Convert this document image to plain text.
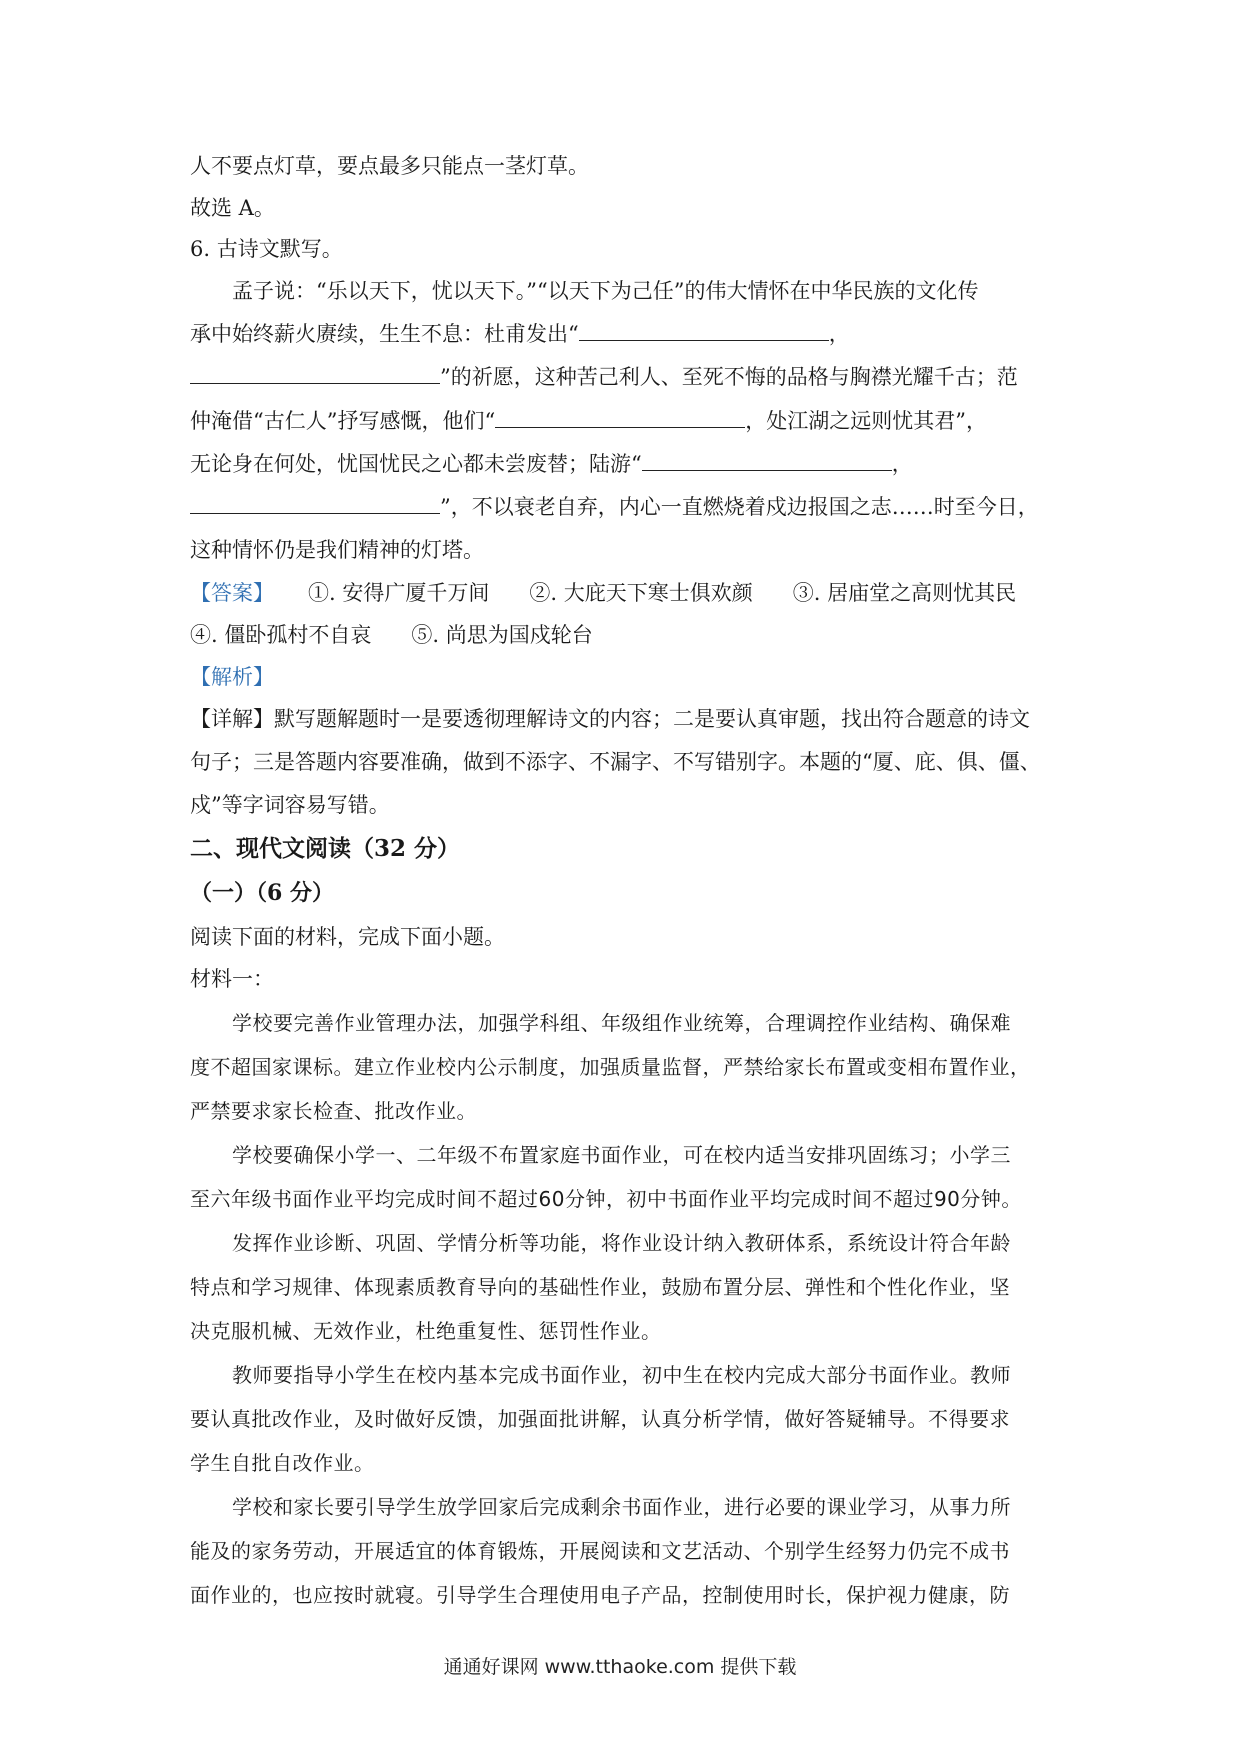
人不要点灯草，要点最多只能点一茎灯草。
故选 A。
6. 古诗文默写。
孟子说：“乐以天下，忧以天下。”“以天下为己任”的伟大情怀在中华民族的文化传
承中始终薪火赓续，生生不息：杜甫发出“	，
”的祈愿，这种苦己利人、至死不悔的品格与胸襟光耀千古；范
仲淹借“古仁人”抒写感慨，他们“	，处江湖之远则忧其君”，
无论身在何处，忧国忧民之心都未尝废替；陆游“	，
”，不以衰老自弃，内心一直燃烧着戍边报国之志……时至今日，
这种情怀仍是我们精神的灯塔。
【答案】 ①. 安得广厦千万间 ②. 大庇天下寒士俱欢颜 ③. 居庙堂之高则忧其民
④. 僵卧孤村不自哀 ⑤. 尚思为国戍轮台
【解析】
【详解】默写题解题时一是要透彻理解诗文的内容；二是要认真审题，找出符合题意的诗文
句子；三是答题内容要准确，做到不添字、不漏字、不写错别字。本题的“厦、庇、俱、僵、
戍”等字词容易写错。
二、现代文阅读（32 分）
（一）（6 分）
阅读下面的材料，完成下面小题。
材料一：
学校要完善作业管理办法，加强学科组、年级组作业统筹，合理调控作业结构、确保难
度不超国家课标。建立作业校内公示制度，加强质量监督，严禁给家长布置或变相布置作业，
严禁要求家长检查、批改作业。
学校要确保小学一、二年级不布置家庭书面作业，可在校内适当安排巩固练习；小学三
至六年级书面作业平均完成时间不超过60分钟，初中书面作业平均完成时间不超过90分钟。
发挥作业诊断、巩固、学情分析等功能，将作业设计纳入教研体系，系统设计符合年龄
特点和学习规律、体现素质教育导向的基础性作业，鼓励布置分层、弹性和个性化作业，坚
决克服机械、无效作业，杜绝重复性、惩罚性作业。
教师要指导小学生在校内基本完成书面作业，初中生在校内完成大部分书面作业。教师
要认真批改作业，及时做好反馈，加强面批讲解，认真分析学情，做好答疑辅导。不得要求
学生自批自改作业。
学校和家长要引导学生放学回家后完成剩余书面作业，进行必要的课业学习，从事力所
能及的家务劳动，开展适宜的体育锻炼，开展阅读和文艺活动、个别学生经努力仍完不成书
面作业的，也应按时就寝。引导学生合理使用电子产品，控制使用时长，保护视力健康，防
通通好课网 www.tthaoke.com 提供下载
